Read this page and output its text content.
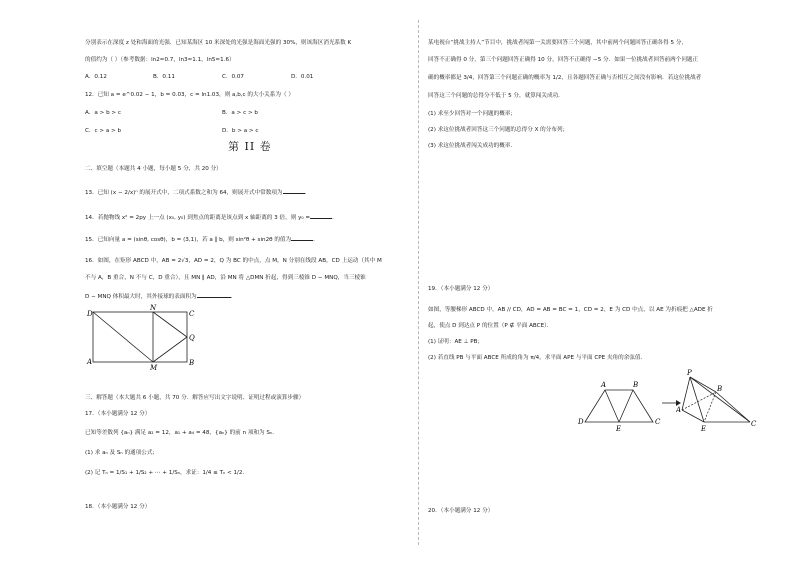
分别表示在深度 z 处和海面的光强．已知某海区 10 米深处的光强是海面光强的 30%，则该海区消光系数 K
的值约为（ ）（参考数据：ln2≈0.7，ln3≈1.1，ln5≈1.6）
A．0.12	B．0.11	C．0.07	D．0.01
12．已知 a = e^0.02 − 1，b = 0.03，c = ln1.03，则 a,b,c 的大小关系为（ ）
A．a > b > c	B．a > c > b
C．c > a > b	D．b > a > c
第 II 卷
二、填空题（本题共 4 小题，每小题 5 分，共 20 分）
13．已知 (x − 2/x)ⁿ 的展开式中，二项式系数之和为 64，则展开式中常数项为	．
14．若抛物线 x² = 2py 上一点 (x₀, y₀) 到焦点的距离是该点到 x 轴距离的 3 倍，则 y₀ =	．
15．已知向量 a = (sinθ, cosθ)，b = (3,1)，若 a ∥ b，则 sin²θ + sin2θ 的值为	．
16．如图，在矩形 ABCD 中，AB = 2√3，AD = 2，Q 为 BC 的中点，点 M，N 分别在线段 AB，CD 上运动（其中 M
不与 A，B 重合，N 不与 C，D 重合），且 MN ∥ AD，沿 MN 将 △DMN 折起，得到三棱锥 D − MNQ，当三棱锥
D − MNQ 体积最大时，其外接球的表面积为	．
D
N
C
Q
A
M
B
三、解答题（本大题共 6 小题，共 70 分．解答应写出文字说明、证明过程或演算步骤）
17．（本小题满分 12 分）
已知等差数列 {aₙ} 满足 a₂ = 12，a₁ + a₄ = 48，{aₙ} 的前 n 项和为 Sₙ．
(1) 求 aₙ 及 Sₙ 的通项公式；
(2) 记 Tₙ = 1/S₁ + 1/S₂ + ⋯ + 1/Sₙ，求证：1/4 ≤ Tₙ < 1/2．
18．（本小题满分 12 分）
某电视台“挑战主持人”节目中，挑战者闯第一关需要回答三个问题，其中前两个问题回答正确各得 5 分，
回答不正确得 0 分，第三个问题回答正确得 10 分，回答不正确得 −5 分．如果一位挑战者回答前两个问题正
确的概率都是 3/4，回答第三个问题正确的概率为 1/2，且各题回答正确与否相互之间没有影响．若这位挑战者
回答这三个问题的总得分不低于 5 分，就算闯关成功．
(1) 求至少回答对一个问题的概率；
(2) 求这位挑战者回答这三个问题的总得分 X 的分布列；
(3) 求这位挑战者闯关成功的概率．
19．（本小题满分 12 分）
如图，等腰梯形 ABCD 中，AB // CD，AD = AB = BC = 1，CD = 2，E 为 CD 中点，以 AE 为折痕把 △ADE 折
起，使点 D 到达点 P 的位置（P ∉ 平面 ABCE）．
(1) 证明：AE ⊥ PB；
(2) 若直线 PB 与平面 ABCE 所成的角为 π/4，求平面 APE 与平面 CPE 夹角的余弦值．
D
A	B
E
C
P
A
B
E
C
20．（本小题满分 12 分）
